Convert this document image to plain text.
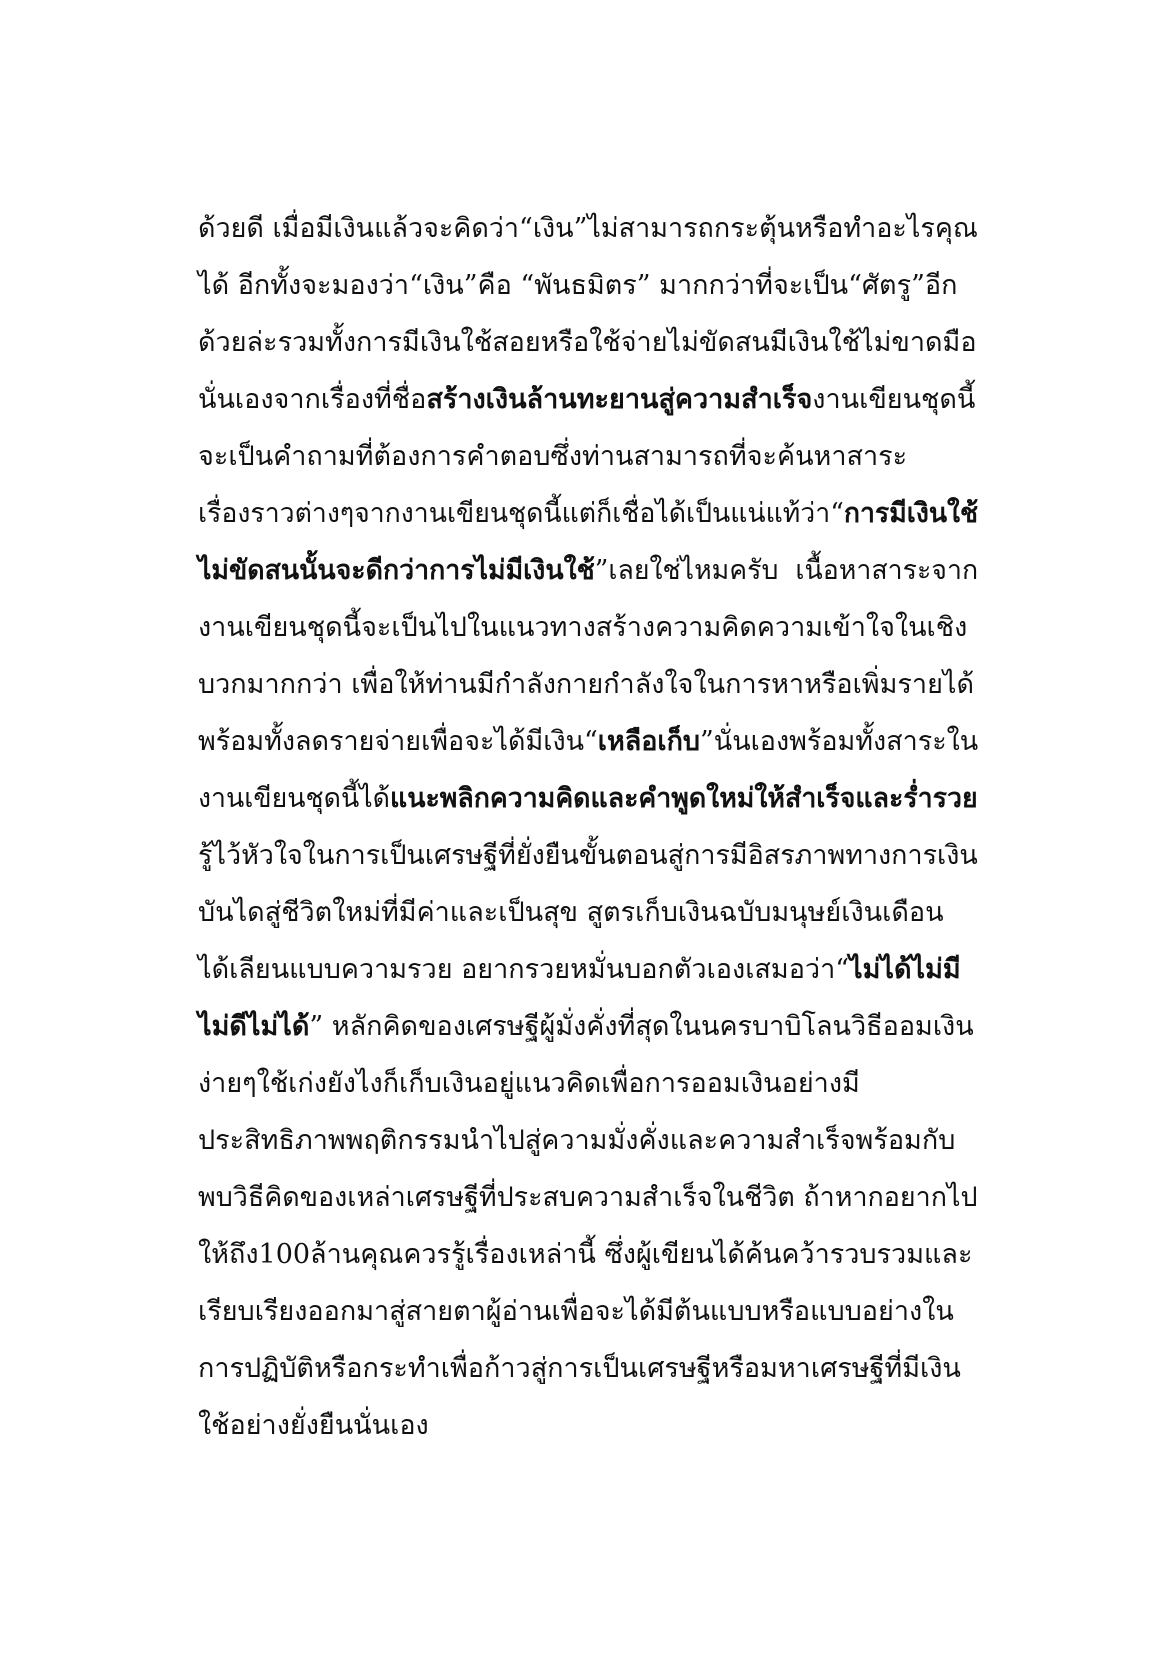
ด้วยดี เมื่อมีเงินแล้วจะคิดว่า“เงิน”ไม่สามารถกระตุ้นหรือทำอะไรคุณ
ได้ อีกทั้งจะมองว่า“เงิน”คือ “พันธมิตร” มากกว่าที่จะเป็น“ศัตรู”อีก
ด้วยล่ะรวมทั้งการมีเงินใช้สอยหรือใช้จ่ายไม่ขัดสนมีเงินใช้ไม่ขาดมือ
นั่นเองจากเรื่องที่ชื่อสร้างเงินล้านทะยานสู่ความสำเร็จงานเขียนชุดนี้
จะเป็นคำถามที่ต้องการคำตอบซึ่งท่านสามารถที่จะค้นหาสาระ
เรื่องราวต่างๆจากงานเขียนชุดนี้แต่ก็เชื่อได้เป็นแน่แท้ว่า“การมีเงินใช้
ไม่ขัดสนนั้นจะดีกว่าการไม่มีเงินใช้”เลยใช่ไหมครับ  เนื้อหาสาระจาก
งานเขียนชุดนี้จะเป็นไปในแนวทางสร้างความคิดความเข้าใจในเชิง
บวกมากกว่า เพื่อให้ท่านมีกำลังกายกำลังใจในการหาหรือเพิ่มรายได้
พร้อมทั้งลดรายจ่ายเพื่อจะได้มีเงิน“เหลือเก็บ”นั่นเองพร้อมทั้งสาระใน
งานเขียนชุดนี้ได้แนะพลิกความคิดและคำพูดใหม่ให้สำเร็จและร่ำรวย
รู้ไว้หัวใจในการเป็นเศรษฐีที่ยั่งยืนขั้นตอนสู่การมีอิสรภาพทางการเงิน
บันไดสู่ชีวิตใหม่ที่มีค่าและเป็นสุข สูตรเก็บเงินฉบับมนุษย์เงินเดือน
ได้เลียนแบบความรวย อยากรวยหมั่นบอกตัวเองเสมอว่า“ไม่ได้ไม่มี
ไม่ดีไม่ได้” หลักคิดของเศรษฐีผู้มั่งคั่งที่สุดในนครบาบิโลนวิธีออมเงิน
ง่ายๆใช้เก่งยังไงก็เก็บเงินอยู่แนวคิดเพื่อการออมเงินอย่างมี
ประสิทธิภาพพฤติกรรมนำไปสู่ความมั่งคั่งและความสำเร็จพร้อมกับ
พบวิธีคิดของเหล่าเศรษฐีที่ประสบความสำเร็จในชีวิต ถ้าหากอยากไป
ให้ถึง100ล้านคุณควรรู้เรื่องเหล่านี้ ซึ่งผู้เขียนได้ค้นคว้ารวบรวมและ
เรียบเรียงออกมาสู่สายตาผู้อ่านเพื่อจะได้มีต้นแบบหรือแบบอย่างใน
การปฏิบัติหรือกระทำเพื่อก้าวสู่การเป็นเศรษฐีหรือมหาเศรษฐีที่มีเงิน
ใช้อย่างยั่งยืนนั่นเอง
